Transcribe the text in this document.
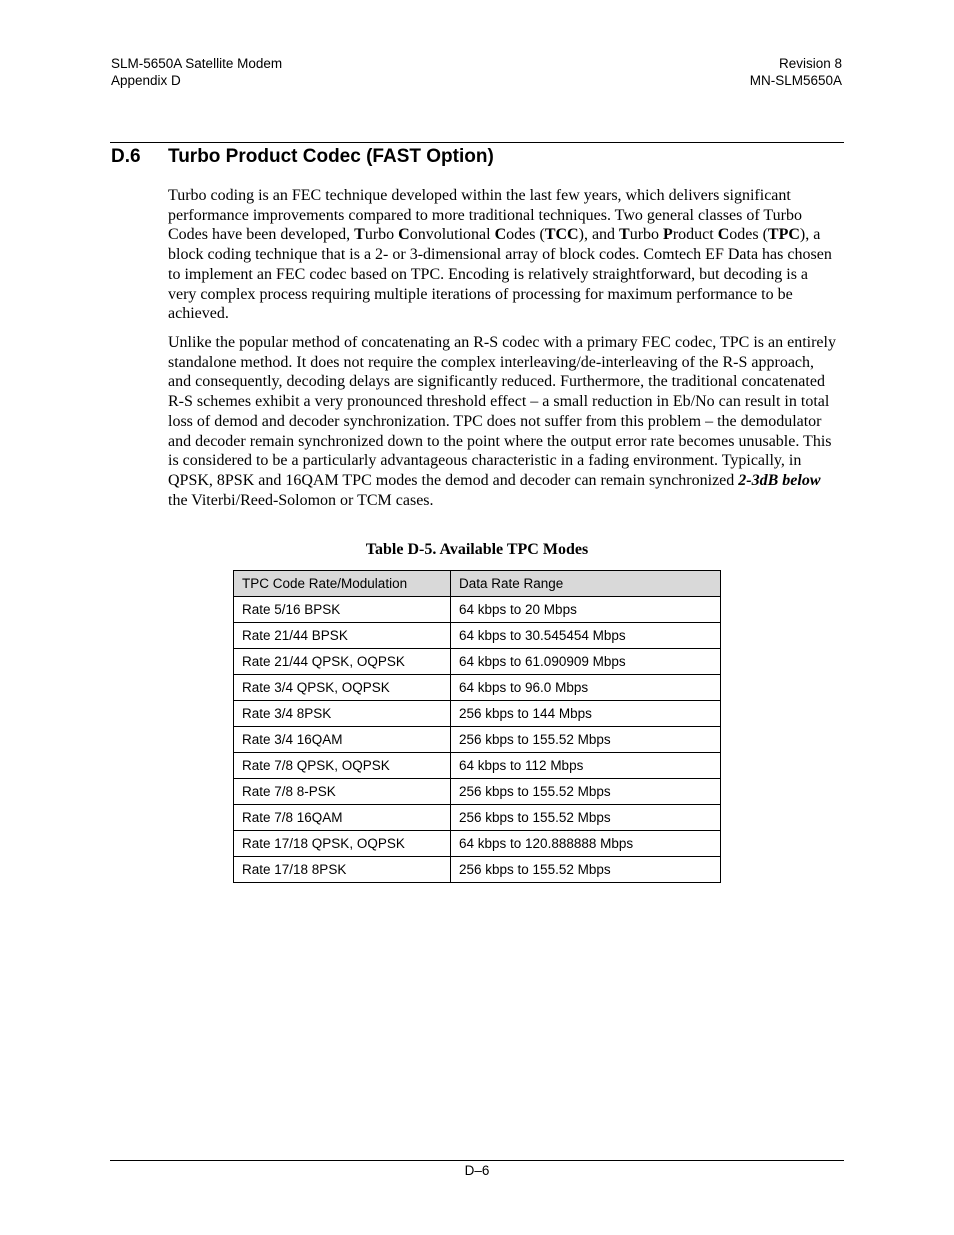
SLM-5650A Satellite Modem
Appendix D
Revision 8
MN-SLM5650A
D.6 Turbo Product Codec (FAST Option)

Turbo coding is an FEC technique developed within the last few years, which delivers significant performance improvements compared to more traditional techniques. Two general classes of Turbo Codes have been developed, Turbo Convolutional Codes (TCC), and Turbo Product Codes (TPC), a block coding technique that is a 2- or 3-dimensional array of block codes. Comtech EF Data has chosen to implement an FEC codec based on TPC. Encoding is relatively straightforward, but decoding is a very complex process requiring multiple iterations of processing for maximum performance to be achieved.

Unlike the popular method of concatenating an R-S codec with a primary FEC codec, TPC is an entirely standalone method. It does not require the complex interleaving/de-interleaving of the R-S approach, and consequently, decoding delays are significantly reduced. Furthermore, the traditional concatenated R-S schemes exhibit a very pronounced threshold effect – a small reduction in Eb/No can result in total loss of demod and decoder synchronization. TPC does not suffer from this problem – the demodulator and decoder remain synchronized down to the point where the output error rate becomes unusable. This is considered to be a particularly advantageous characteristic in a fading environment. Typically, in QPSK, 8PSK and 16QAM TPC modes the demod and decoder can remain synchronized 2-3dB below the Viterbi/Reed-Solomon or TCM cases.

Table D-5. Available TPC Modes
TPC Code Rate/Modulation	Data Rate Range
Rate 5/16 BPSK	64 kbps to 20 Mbps
Rate 21/44 BPSK	64 kbps to 30.545454 Mbps
Rate 21/44 QPSK, OQPSK	64 kbps to 61.090909 Mbps
Rate 3/4 QPSK, OQPSK	64 kbps to 96.0 Mbps
Rate 3/4 8PSK	256 kbps to 144 Mbps
Rate 3/4 16QAM	256 kbps to 155.52 Mbps
Rate 7/8 QPSK, OQPSK	64 kbps to 112 Mbps
Rate 7/8 8-PSK	256 kbps to 155.52 Mbps
Rate 7/8 16QAM	256 kbps to 155.52 Mbps
Rate 17/18 QPSK, OQPSK	64 kbps to 120.888888 Mbps
Rate 17/18 8PSK	256 kbps to 155.52 Mbps
D–6
